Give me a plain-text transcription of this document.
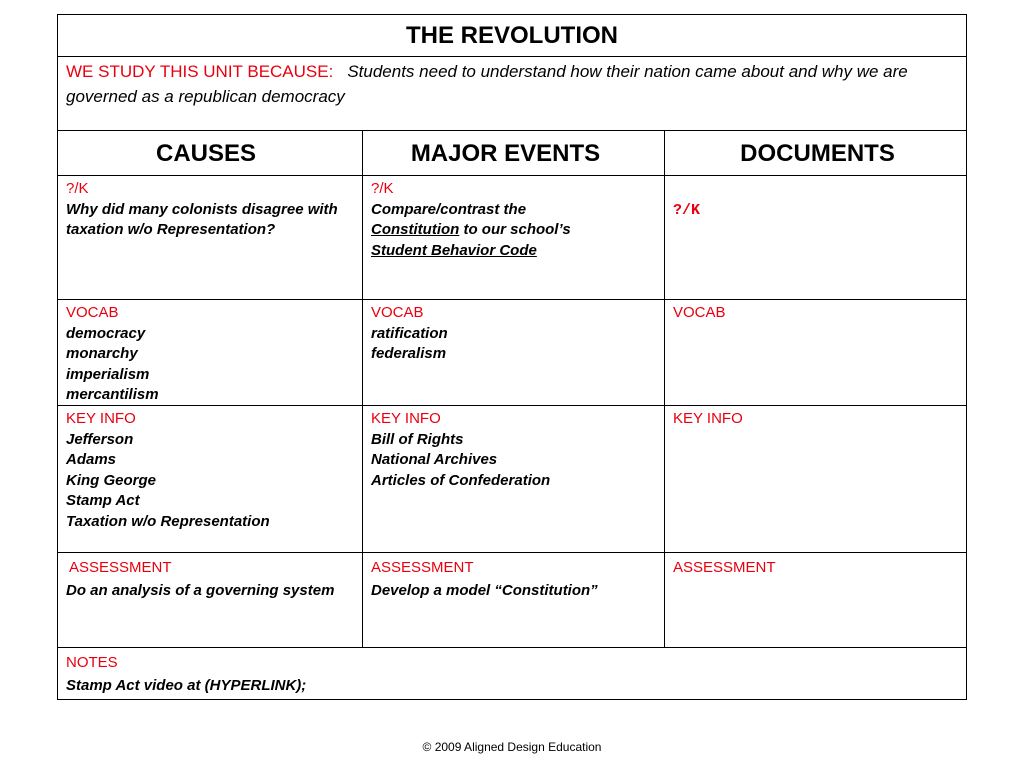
THE REVOLUTION
WE STUDY THIS UNIT BECAUSE: Students need to understand how their nation came about and why we are governed as a republican democracy
CAUSES	MAJOR EVENTS	DOCUMENTS
?/K
Why did many colonists disagree with taxation w/o Representation?
?/K
Compare/contrast the
Constitution to our school’s
Student Behavior Code
?/K
VOCAB
democracy
monarchy
imperialism
mercantilism
VOCAB
ratification
federalism
VOCAB
KEY INFO
Jefferson
Adams
King George
Stamp Act
Taxation w/o Representation
KEY INFO
Bill of Rights
National Archives
Articles of Confederation
KEY INFO
ASSESSMENT
Do an analysis of a governing system
ASSESSMENT
Develop a model “Constitution”
ASSESSMENT
NOTES
Stamp Act video at (HYPERLINK);
© 2009 Aligned Design Education
